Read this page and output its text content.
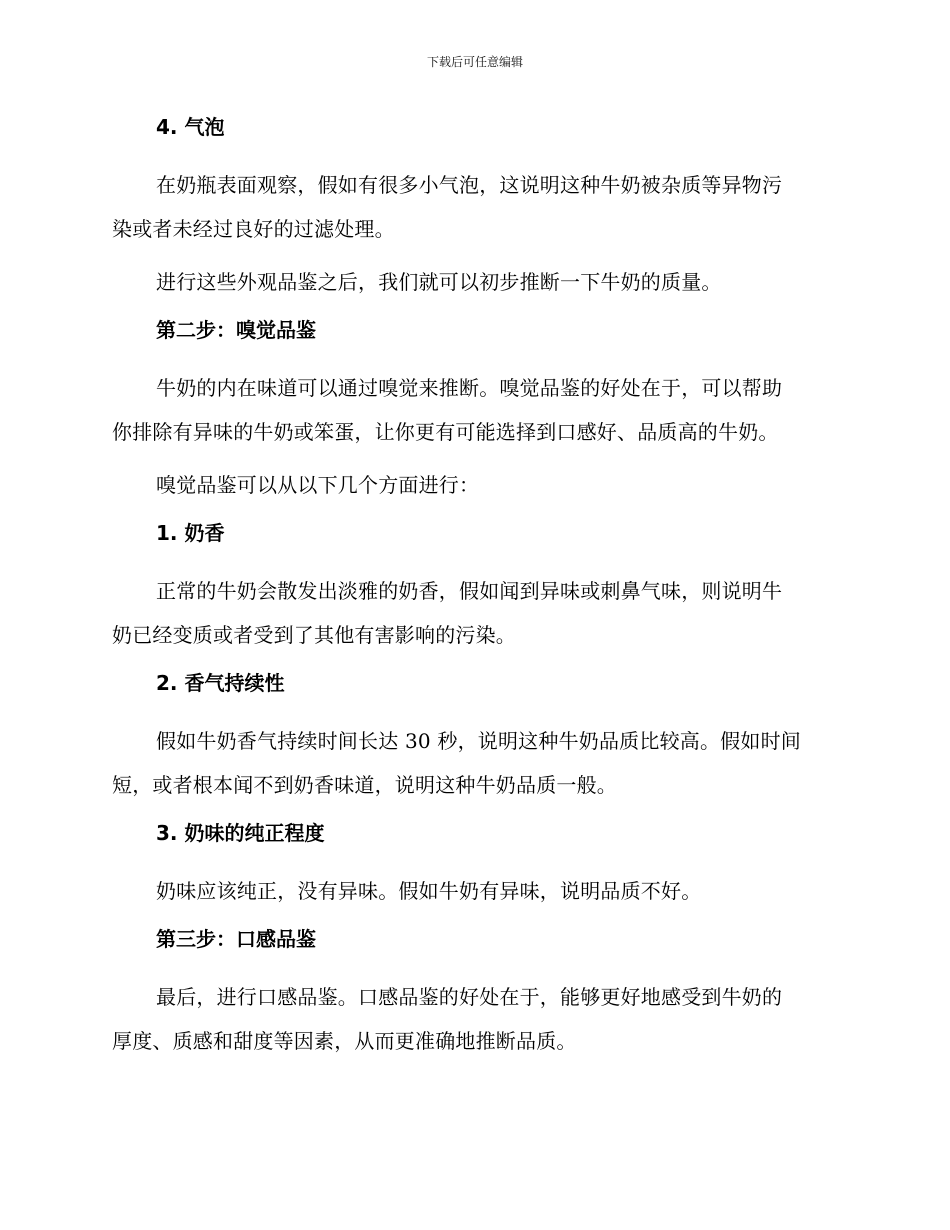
下载后可任意编辑
4. 气泡
在奶瓶表面观察，假如有很多小气泡，这说明这种牛奶被杂质等异物污
染或者未经过良好的过滤处理。
进行这些外观品鉴之后，我们就可以初步推断一下牛奶的质量。
第二步：嗅觉品鉴
牛奶的内在味道可以通过嗅觉来推断。嗅觉品鉴的好处在于，可以帮助
你排除有异味的牛奶或笨蛋，让你更有可能选择到口感好、品质高的牛奶。
嗅觉品鉴可以从以下几个方面进行：
1. 奶香
正常的牛奶会散发出淡雅的奶香，假如闻到异味或刺鼻气味，则说明牛
奶已经变质或者受到了其他有害影响的污染。
2. 香气持续性
假如牛奶香气持续时间长达 30 秒，说明这种牛奶品质比较高。假如时间
短，或者根本闻不到奶香味道，说明这种牛奶品质一般。
3. 奶味的纯正程度
奶味应该纯正，没有异味。假如牛奶有异味，说明品质不好。
第三步：口感品鉴
最后，进行口感品鉴。口感品鉴的好处在于，能够更好地感受到牛奶的
厚度、质感和甜度等因素，从而更准确地推断品质。
